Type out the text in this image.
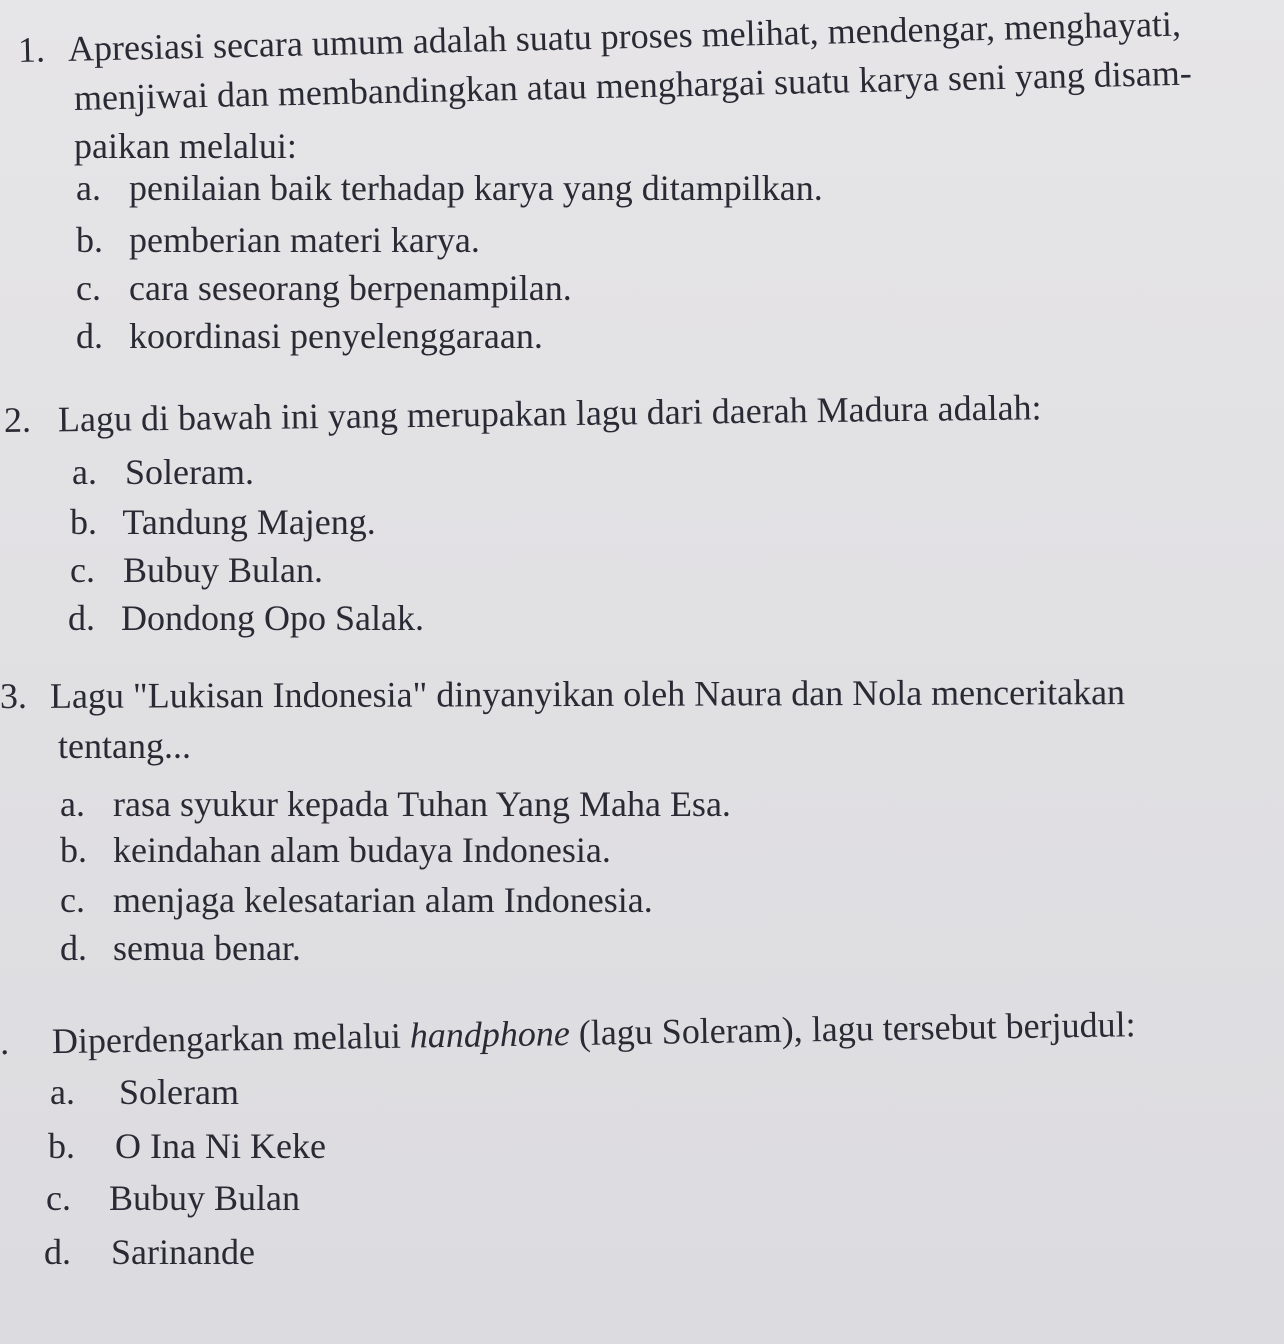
1. Apresiasi secara umum adalah suatu proses melihat, mendengar, menghayati,
menjiwai dan membandingkan atau menghargai suatu karya seni yang disam-
paikan melalui:
a. penilaian baik terhadap karya yang ditampilkan.
b. pemberian materi karya.
c. cara seseorang berpenampilan.
d. koordinasi penyelenggaraan.
2. Lagu di bawah ini yang merupakan lagu dari daerah Madura adalah:
a. Soleram.
b. Tandung Majeng.
c. Bubuy Bulan.
d. Dondong Opo Salak.
3. Lagu "Lukisan Indonesia" dinyanyikan oleh Naura dan Nola menceritakan
tentang...
a. rasa syukur kepada Tuhan Yang Maha Esa.
b. keindahan alam budaya Indonesia.
c. menjaga kelesatarian alam Indonesia.
d. semua benar.
. Diperdengarkan melalui handphone (lagu Soleram), lagu tersebut berjudul:
a. Soleram
b. O Ina Ni Keke
c. Bubuy Bulan
d. Sarinande
